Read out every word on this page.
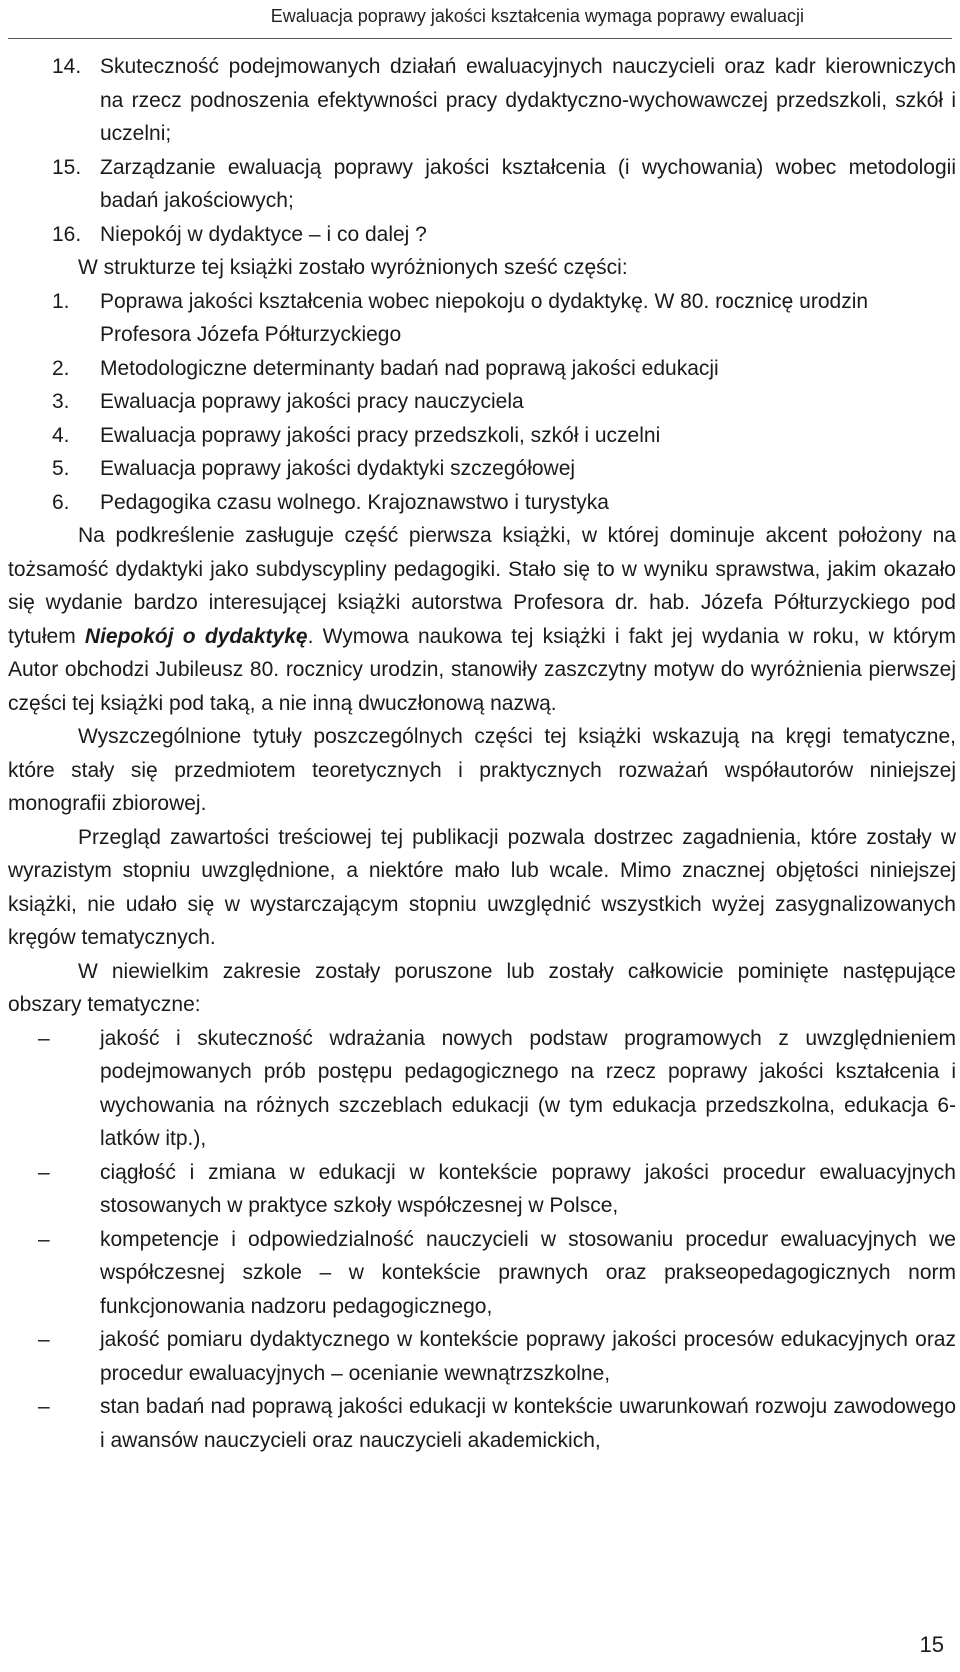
Ewaluacja poprawy jakości kształcenia wymaga poprawy ewaluacji
14. Skuteczność podejmowanych działań ewaluacyjnych nauczycieli oraz kadr kierowniczych na rzecz podnoszenia efektywności pracy dydaktyczno-wychowawczej przedszkoli, szkół i uczelni;
15. Zarządzanie ewaluacją poprawy jakości kształcenia (i wychowania) wobec metodologii badań jakościowych;
16. Niepokój w dydaktyce – i co dalej ?
W strukturze tej książki zostało wyróżnionych sześć części:
1. Poprawa jakości kształcenia wobec niepokoju o dydaktykę. W 80. rocznicę urodzin Profesora Józefa Półturzyckiego
2. Metodologiczne determinanty badań nad poprawą jakości edukacji
3. Ewaluacja poprawy jakości pracy nauczyciela
4. Ewaluacja poprawy jakości pracy przedszkoli, szkół i uczelni
5. Ewaluacja poprawy jakości dydaktyki szczegółowej
6. Pedagogika czasu wolnego. Krajoznawstwo i turystyka

Na podkreślenie zasługuje część pierwsza książki, w której dominuje akcent położony na tożsamość dydaktyki jako subdyscypliny pedagogiki. Stało się to w wyniku sprawstwa, jakim okazało się wydanie bardzo interesującej książki autorstwa Profesora dr. hab. Józefa Półturzyckiego pod tytułem Niepokój o dydaktykę. Wymowa naukowa tej książki i fakt jej wydania w roku, w którym Autor obchodzi Jubileusz 80. rocznicy urodzin, stanowiły zaszczytny motyw do wyróżnienia pierwszej części tej książki pod taką, a nie inną dwuczłonową nazwą.

Wyszczególnione tytuły poszczególnych części tej książki wskazują na kręgi tematyczne, które stały się przedmiotem teoretycznych i praktycznych rozważań współautorów niniejszej monografii zbiorowej.

Przegląd zawartości treściowej tej publikacji pozwala dostrzec zagadnienia, które zostały w wyrazistym stopniu uwzględnione, a niektóre mało lub wcale. Mimo znacznej objętości niniejszej książki, nie udało się w wystarczającym stopniu uwzględnić wszystkich wyżej zasygnalizowanych kręgów tematycznych.

W niewielkim zakresie zostały poruszone lub zostały całkowicie pominięte następujące obszary tematyczne:

– jakość i skuteczność wdrażania nowych podstaw programowych z uwzględnieniem podejmowanych prób postępu pedagogicznego na rzecz poprawy jakości kształcenia i wychowania na różnych szczeblach edukacji (w tym edukacja przedszkolna, edukacja 6-latków itp.),
– ciągłość i zmiana w edukacji w kontekście poprawy jakości procedur ewaluacyjnych stosowanych w praktyce szkoły współczesnej w Polsce,
– kompetencje i odpowiedzialność nauczycieli w stosowaniu procedur ewaluacyjnych we współczesnej szkole – w kontekście prawnych oraz prakseopedagogicznych norm funkcjonowania nadzoru pedagogicznego,
– jakość pomiaru dydaktycznego w kontekście poprawy jakości procesów edukacyjnych oraz procedur ewaluacyjnych – ocenianie wewnątrzszkolne,
– stan badań nad poprawą jakości edukacji w kontekście uwarunkowań rozwoju zawodowego i awansów nauczycieli oraz nauczycieli akademickich,
15
